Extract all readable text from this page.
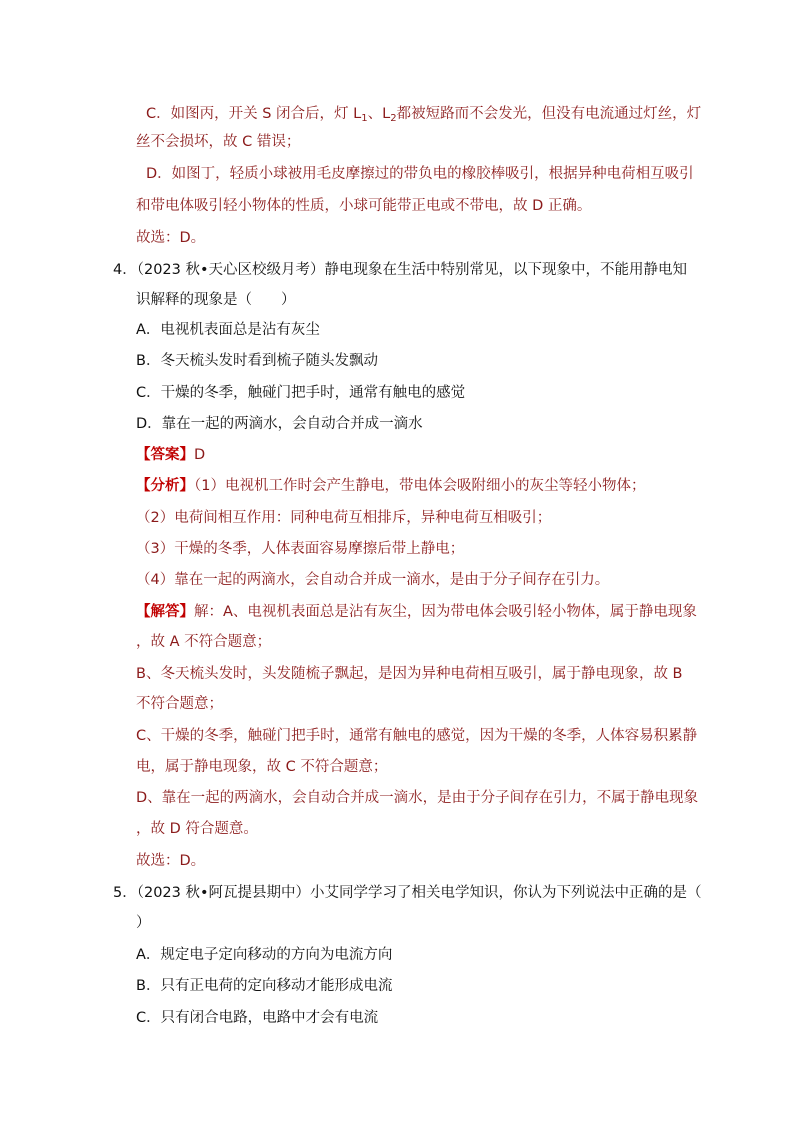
C．如图丙，开关 S 闭合后，灯 $L_1$、$L_2$都被短路而不会发光，但没有电流通过灯丝，灯
丝不会损坏，故 C 错误；
D．如图丁，轻质小球被用毛皮摩擦过的带负电的橡胶棒吸引，根据异种电荷相互吸引
和带电体吸引轻小物体的性质，小球可能带正电或不带电，故 D 正确。
故选：D。
4．（2023 秋•天心区校级月考）静电现象在生活中特别常见，以下现象中，不能用静电知
识解释的现象是（　　）
A．电视机表面总是沾有灰尘
B．冬天梳头发时看到梳子随头发飘动
C．干燥的冬季，触碰门把手时，通常有触电的感觉
D．靠在一起的两滴水，会自动合并成一滴水
【答案】D
【分析】（1）电视机工作时会产生静电，带电体会吸附细小的灰尘等轻小物体；
（2）电荷间相互作用：同种电荷互相排斥，异种电荷互相吸引；
（3）干燥的冬季，人体表面容易摩擦后带上静电；
（4）靠在一起的两滴水，会自动合并成一滴水，是由于分子间存在引力。
【解答】解：A、电视机表面总是沾有灰尘，因为带电体会吸引轻小物体，属于静电现象
，故 A 不符合题意；
B、冬天梳头发时，头发随梳子飘起，是因为异种电荷相互吸引，属于静电现象，故 B
不符合题意；
C、干燥的冬季，触碰门把手时，通常有触电的感觉，因为干燥的冬季，人体容易积累静
电，属于静电现象，故 C 不符合题意；
D、靠在一起的两滴水，会自动合并成一滴水，是由于分子间存在引力，不属于静电现象
，故 D 符合题意。
故选：D。
5．（2023 秋•阿瓦提县期中）小艾同学学习了相关电学知识，你认为下列说法中正确的是（
）
A．规定电子定向移动的方向为电流方向
B．只有正电荷的定向移动才能形成电流
C．只有闭合电路，电路中才会有电流
